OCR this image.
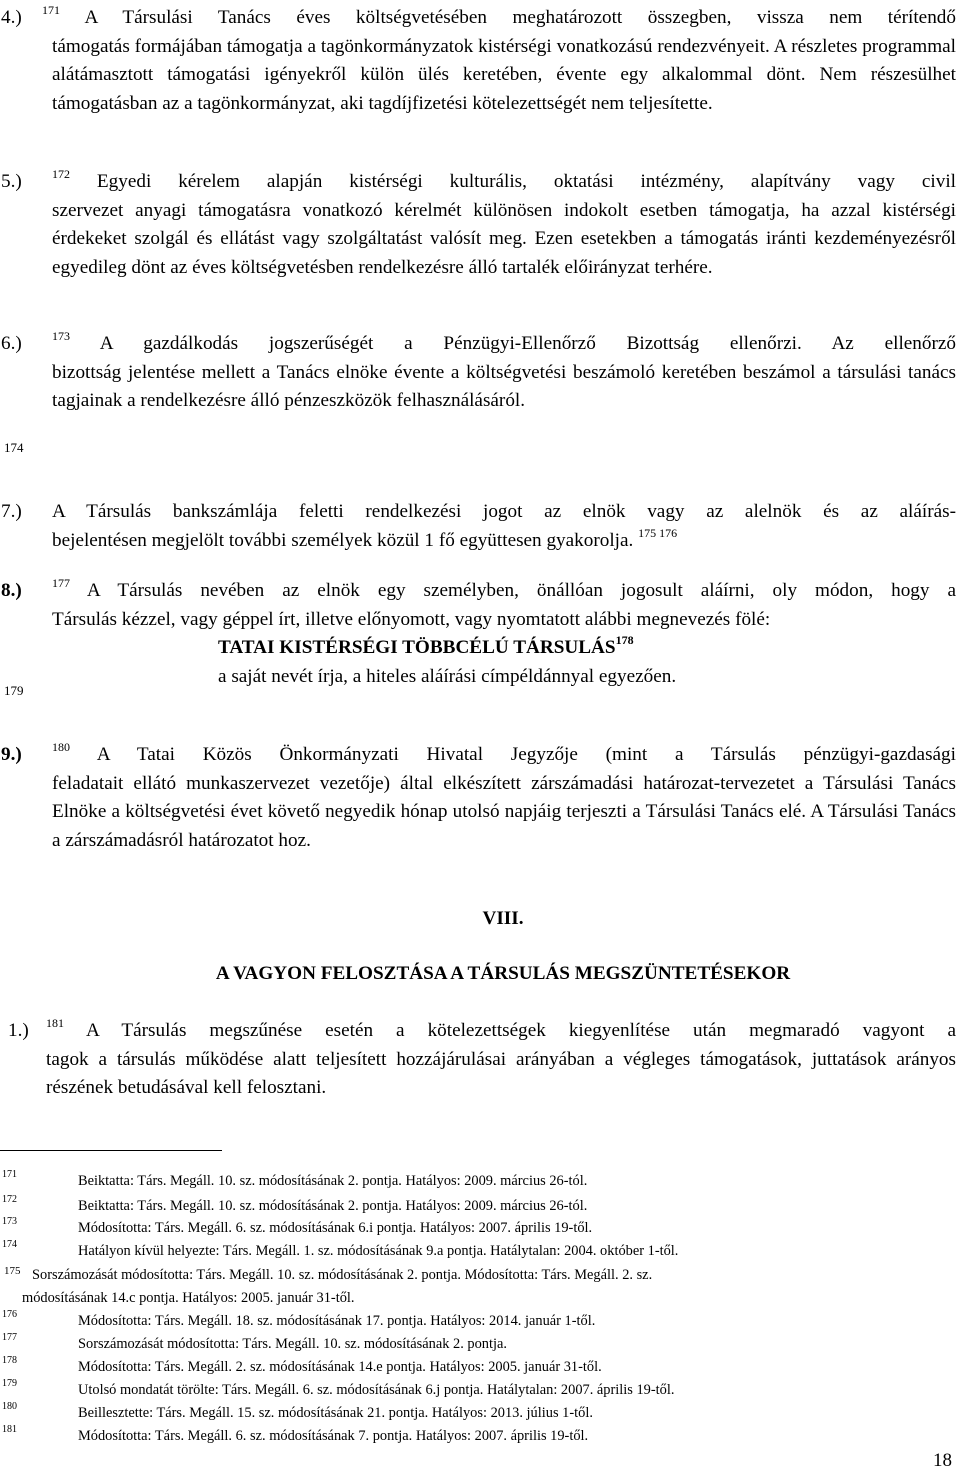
4.) $^{171}$ A Társulási Tanács éves költségvetésében meghatározott összegben, vissza nem térítendő
támogatás formájában támogatja a tagönkormányzatok kistérségi vonatkozású rendezvényeit. A részletes programmal alátámasztott támogatási igényekről külön ülés keretében, évente egy alkalommal dönt. Nem részesülhet támogatásban az a tagönkormányzat, aki tagdíjfizetési kötelezettségét nem teljesítette.
5.)	$^{172}$ Egyedi kérelem alapján kistérségi kulturális, oktatási intézmény, alapítvány vagy civil
szervezet anyagi támogatásra vonatkozó kérelmét különösen indokolt esetben támogatja, ha azzal kistérségi érdekeket szolgál és ellátást vagy szolgáltatást valósít meg. Ezen esetekben a támogatás iránti kezdeményezésről egyedileg dönt az éves költségvetésben rendelkezésre álló tartalék előirányzat terhére.
6.)	$^{173}$ A gazdálkodás jogszerűségét a Pénzügyi-Ellenőrző Bizottság ellenőrzi. Az ellenőrző
bizottság jelentése mellett a Tanács elnöke évente a költségvetési beszámoló keretében beszámol a társulási tanács tagjainak a rendelkezésre álló pénzeszközök felhasználásáról.
174
7.) A Társulás bankszámlája feletti rendelkezési jogot az elnök vagy az alelnök és az aláírás-
bejelentésen megjelölt további személyek közül 1 fő együttesen gyakorolja. $^{175 176}$
8.)	$^{177}$ A Társulás nevében az elnök egy személyben, önállóan jogosult aláírni, oly módon, hogy a
Társulás kézzel, vagy géppel írt, illetve előnyomott, vagy nyomtatott alábbi megnevezés fölé:
TATAI KISTÉRSÉGI TÖBBCÉLÚ TÁRSULÁS$^{178}$
a saját nevét írja, a hiteles aláírási címpéldánnyal egyezően.
179
9.)	$^{180}$ A Tatai Közös Önkormányzati Hivatal Jegyzője (mint a Társulás pénzügyi-gazdasági
feladatait ellátó munkaszervezet vezetője) által elkészített zárszámadási határozat-tervezetet a Társulási Tanács Elnöke a költségvetési évet követő negyedik hónap utolsó napjáig terjeszti a Társulási Tanács elé. A Társulási Tanács a zárszámadásról határozatot hoz.
VIII.
A VAGYON FELOSZTÁSA A TÁRSULÁS MEGSZÜNTETÉSEKOR
1.) $^{181}$ A Társulás megszűnése esetén a kötelezettségek kiegyenlítése után megmaradó vagyont a
tagok a társulás működése alatt teljesített hozzájárulásai arányában a végleges támogatások, juttatások arányos részének betudásával kell felosztani.
171	Beiktatta: Társ. Megáll. 10. sz. módosításának 2. pontja. Hatályos: 2009. március 26-tól.
172	Beiktatta: Társ. Megáll. 10. sz. módosításának 2. pontja. Hatályos: 2009. március 26-tól.
173	Módosította: Társ. Megáll. 6. sz. módosításának 6.i pontja. Hatályos: 2007. április 19-től.
174	Hatályon kívül helyezte: Társ. Megáll. 1. sz. módosításának 9.a pontja. Hatálytalan: 2004. október 1-től.
175 Sorszámozását módosította: Társ. Megáll. 10. sz. módosításának 2. pontja. Módosította: Társ. Megáll. 2. sz.
módosításának 14.c pontja. Hatályos: 2005. január 31-től.
176	Módosította: Társ. Megáll. 18. sz. módosításának 17. pontja. Hatályos: 2014. január 1-től.
177	Sorszámozását módosította: Társ. Megáll. 10. sz. módosításának 2. pontja.
178	Módosította: Társ. Megáll. 2. sz. módosításának 14.e pontja. Hatályos: 2005. január 31-től.
179	Utolsó mondatát törölte: Társ. Megáll. 6. sz. módosításának 6.j pontja. Hatálytalan: 2007. április 19-től.
180	Beillesztette: Társ. Megáll. 15. sz. módosításának 21. pontja. Hatályos: 2013. július 1-től.
181	Módosította: Társ. Megáll. 6. sz. módosításának 7. pontja. Hatályos: 2007. április 19-től.
18
